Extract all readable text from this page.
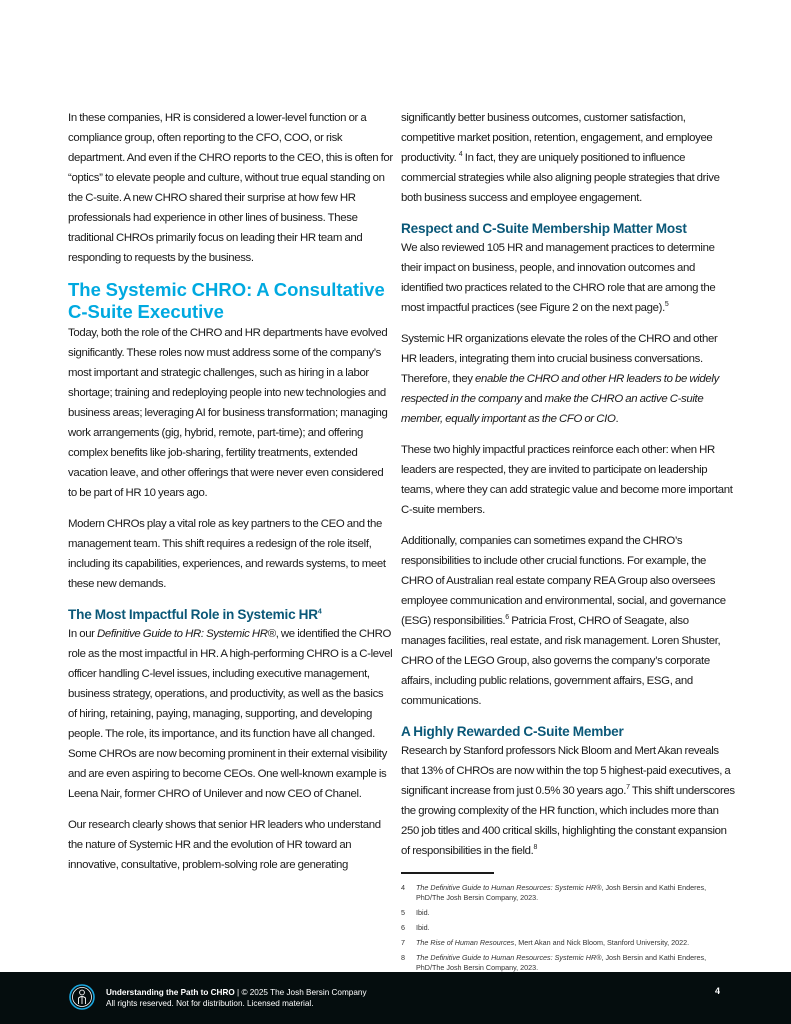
In these companies, HR is considered a lower-level function or a compliance group, often reporting to the CFO, COO, or risk department. And even if the CHRO reports to the CEO, this is often for “optics” to elevate people and culture, without true equal standing on the C-suite. A new CHRO shared their surprise at how few HR professionals had experience in other lines of business. These traditional CHROs primarily focus on leading their HR team and responding to requests by the business.

The Systemic CHRO: A Consultative C-Suite Executive

Today, both the role of the CHRO and HR departments have evolved significantly. These roles now must address some of the company’s most important and strategic challenges, such as hiring in a labor shortage; training and redeploying people into new technologies and business areas; leveraging AI for business transformation; managing work arrangements (gig, hybrid, remote, part-time); and offering complex benefits like job-sharing, fertility treatments, extended vacation leave, and other offerings that were never even considered to be part of HR 10 years ago.

Modern CHROs play a vital role as key partners to the CEO and the management team. This shift requires a redesign of the role itself, including its capabilities, experiences, and rewards systems, to meet these new demands.

The Most Impactful Role in Systemic $HR^4$

In our Definitive Guide to HR: Systemic HR®, we identified the CHRO role as the most impactful in HR. A high-performing CHRO is a C-level officer handling C-level issues, including executive management, business strategy, operations, and productivity, as well as the basics of hiring, retaining, paying, managing, supporting, and developing people. The role, its importance, and its function have all changed. Some CHROs are now becoming prominent in their external visibility and are even aspiring to become CEOs. One well-known example is Leena Nair, former CHRO of Unilever and now CEO of Chanel.

Our research clearly shows that senior HR leaders who understand the nature of Systemic HR and the evolution of HR toward an innovative, consultative, problem-solving role are generating

significantly better business outcomes, customer satisfaction, competitive market position, retention, engagement, and employee productivity. $^4$ In fact, they are uniquely positioned to influence commercial strategies while also aligning people strategies that drive both business success and employee engagement.

Respect and C-Suite Membership Matter Most

We also reviewed 105 HR and management practices to determine their impact on business, people, and innovation outcomes and identified two practices related to the CHRO role that are among the most impactful practices (see Figure 2 on the next page).$^5$

Systemic HR organizations elevate the roles of the CHRO and other HR leaders, integrating them into crucial business conversations. Therefore, they enable the CHRO and other HR leaders to be widely respected in the company and make the CHRO an active C-suite member, equally important as the CFO or CIO.

These two highly impactful practices reinforce each other: when HR leaders are respected, they are invited to participate on leadership teams, where they can add strategic value and become more important C-suite members.

Additionally, companies can sometimes expand the CHRO’s responsibilities to include other crucial functions. For example, the CHRO of Australian real estate company REA Group also oversees employee communication and environmental, social, and governance (ESG) responsibilities.$^6$ Patricia Frost, CHRO of Seagate, also manages facilities, real estate, and risk management. Loren Shuster, CHRO of the LEGO Group, also governs the company’s corporate affairs, including public relations, government affairs, ESG, and communications.

A Highly Rewarded C-Suite Member

Research by Stanford professors Nick Bloom and Mert Akan reveals that 13% of CHROs are now within the top 5 highest-paid executives, a significant increase from just 0.5% 30 years ago.$^7$ This shift underscores the growing complexity of the HR function, which includes more than 250 job titles and 400 critical skills, highlighting the constant expansion of responsibilities in the field.$^8$

4	The Definitive Guide to Human Resources: Systemic HR®, Josh Bersin and Kathi Enderes, PhD/The Josh Bersin Company, 2023.
5	Ibid.
6	Ibid.
7	The Rise of Human Resources, Mert Akan and Nick Bloom, Stanford University, 2022.
8	The Definitive Guide to Human Resources: Systemic HR®, Josh Bersin and Kathi Enderes, PhD/The Josh Bersin Company, 2023.
Understanding the Path to CHRO | © 2025 The Josh Bersin Company
All rights reserved. Not for distribution. Licensed material.
4
